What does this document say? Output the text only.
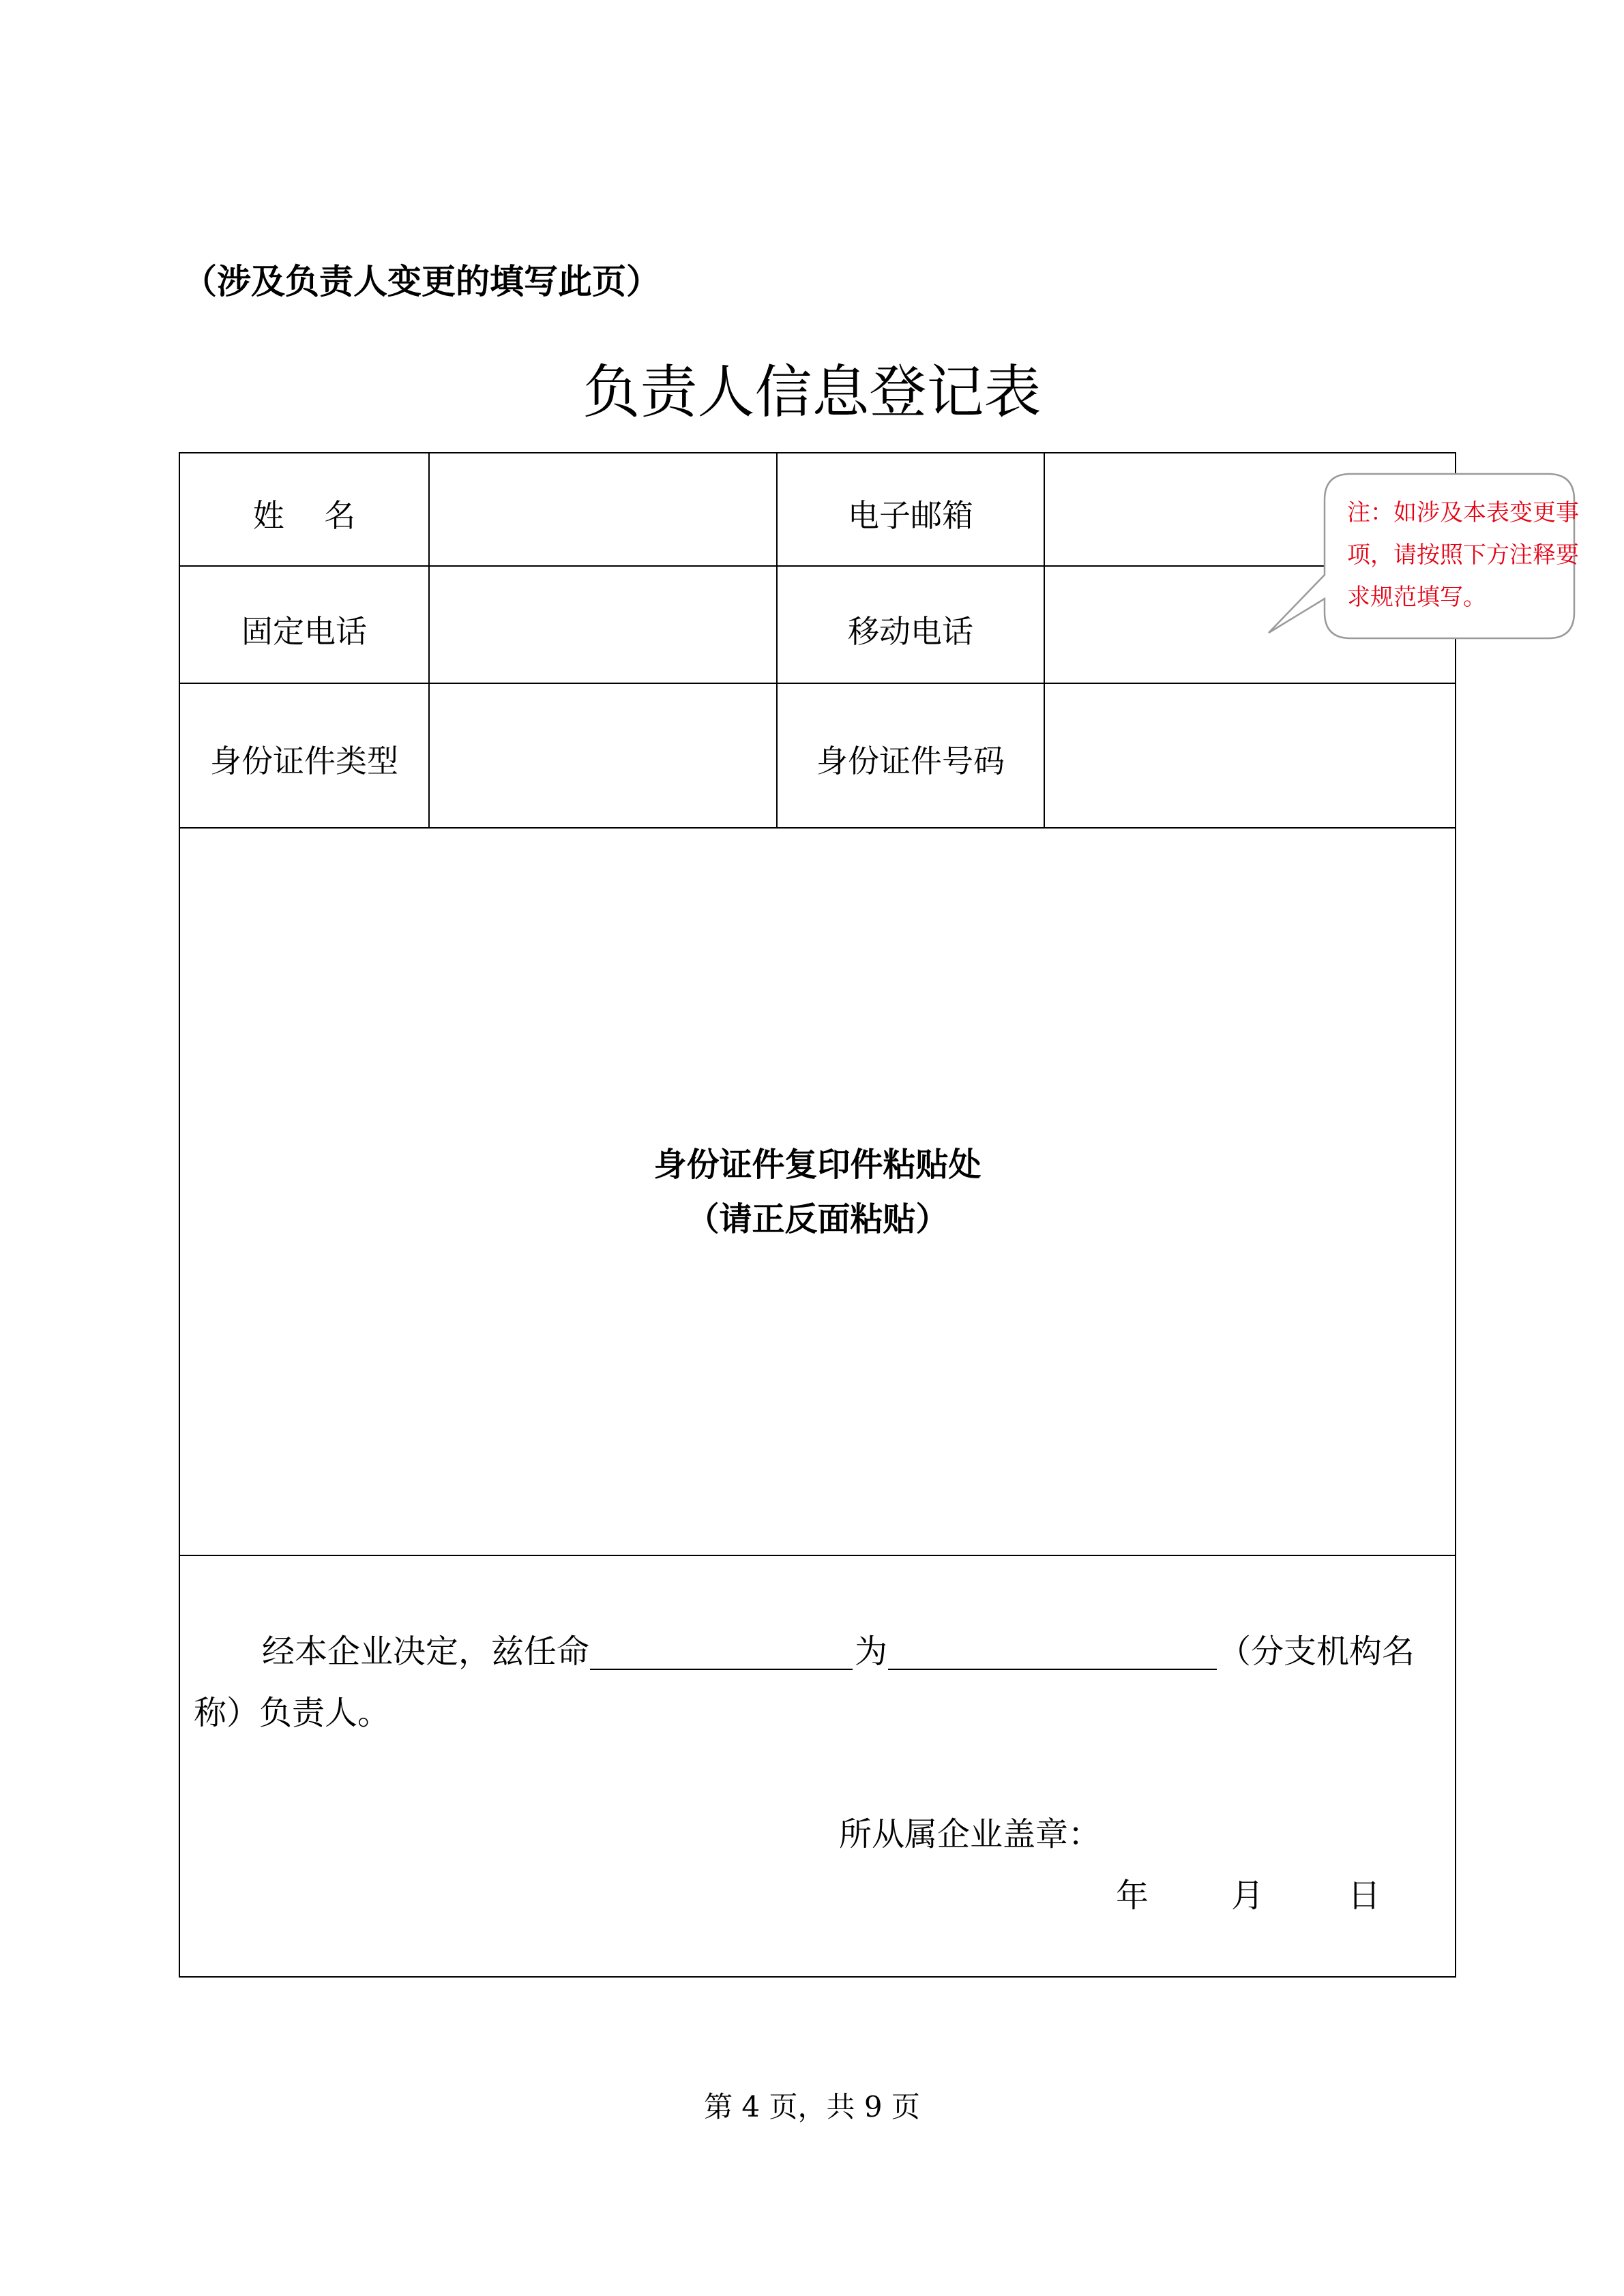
（涉及负责人变更的填写此页）
负责人信息登记表
姓    名	电子邮箱
固定电话	移动电话
身份证件类型	身份证件号码
身份证件复印件粘贴处
（请正反面粘贴）
经本企业决定，兹任命	为	（分支机构名
称）负责人。
所从属企业盖章：
年	月	日
注：如涉及本表变更事
项，请按照下方注释要
求规范填写。
第 4 页，共 9 页
